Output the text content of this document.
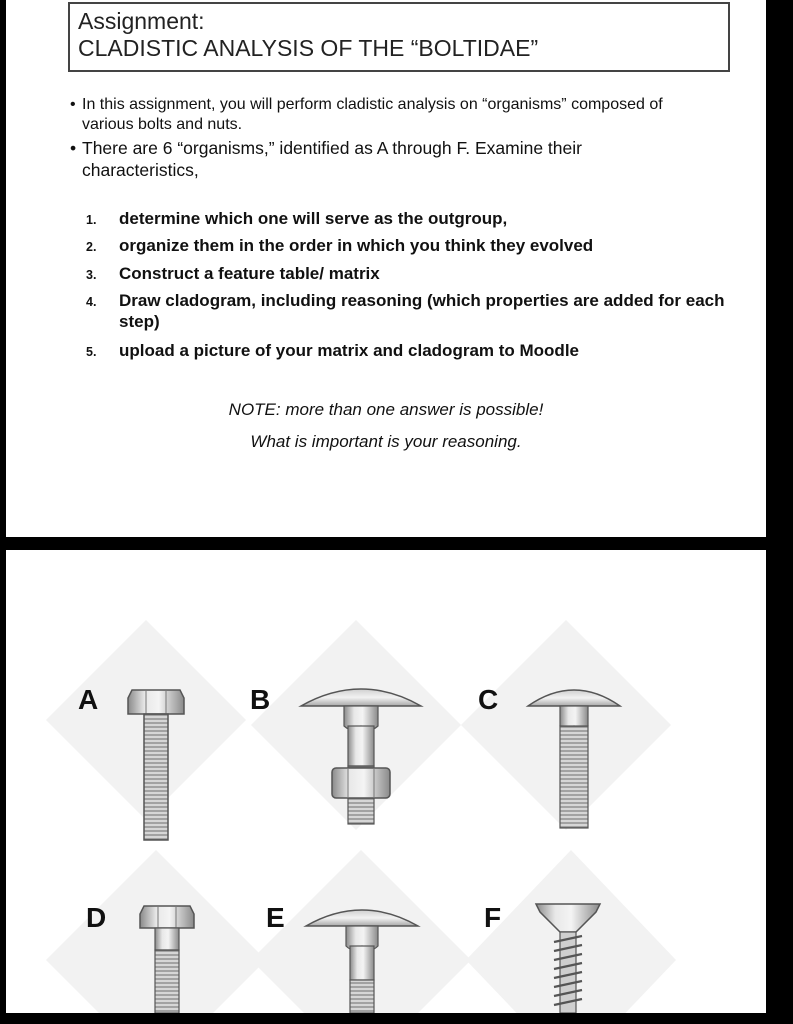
Assignment:
CLADISTIC ANALYSIS OF THE “BOLTIDAE”
• In this assignment, you will perform cladistic analysis on “organisms” composed of various bolts and nuts.
• There are 6 “organisms,” identified as A through F. Examine their characteristics,
1. determine which one will serve as the outgroup,
2. organize them in the order in which you think they evolved
3. Construct a feature table/ matrix
4. Draw cladogram, including reasoning (which properties are added for each step)
5. upload a picture of your matrix and cladogram to Moodle
NOTE: more than one answer is possible!
What is important is your reasoning.
A	B	C
D	E	F
